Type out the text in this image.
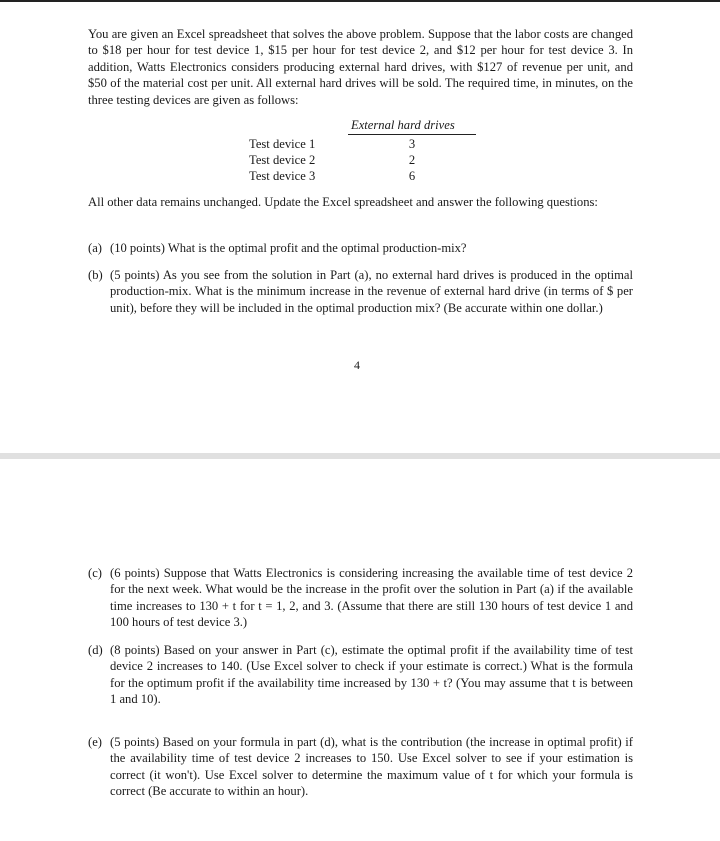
You are given an Excel spreadsheet that solves the above problem. Suppose that the labor costs are changed to $18 per hour for test device 1, $15 per hour for test device 2, and $12 per hour for test device 3. In addition, Watts Electronics considers producing external hard drives, with $127 of revenue per unit, and $50 of the material cost per unit. All external hard drives will be sold. The required time, in minutes, on the three testing devices are given as follows:

External hard drives
Test device 1	3
Test device 2	2
Test device 3	6

All other data remains unchanged. Update the Excel spreadsheet and answer the following questions:

(a) (10 points) What is the optimal profit and the optimal production-mix?
(b) (5 points) As you see from the solution in Part (a), no external hard drives is produced in the optimal production-mix. What is the minimum increase in the revenue of external hard drive (in terms of $ per unit), before they will be included in the optimal production mix? (Be accurate within one dollar.)
4
(c) (6 points) Suppose that Watts Electronics is considering increasing the available time of test device 2 for the next week. What would be the increase in the profit over the solution in Part (a) if the available time increases to 130 + t for t = 1, 2, and 3. (Assume that there are still 130 hours of test device 1 and 100 hours of test device 3.)
(d) (8 points) Based on your answer in Part (c), estimate the optimal profit if the availability time of test device 2 increases to 140. (Use Excel solver to check if your estimate is correct.) What is the formula for the optimum profit if the availability time increased by 130 + t? (You may assume that t is between 1 and 10).
(e) (5 points) Based on your formula in part (d), what is the contribution (the increase in optimal profit) if the availability time of test device 2 increases to 150. Use Excel solver to see if your estimation is correct (it won't). Use Excel solver to determine the maximum value of t for which your formula is correct (Be accurate to within an hour).
